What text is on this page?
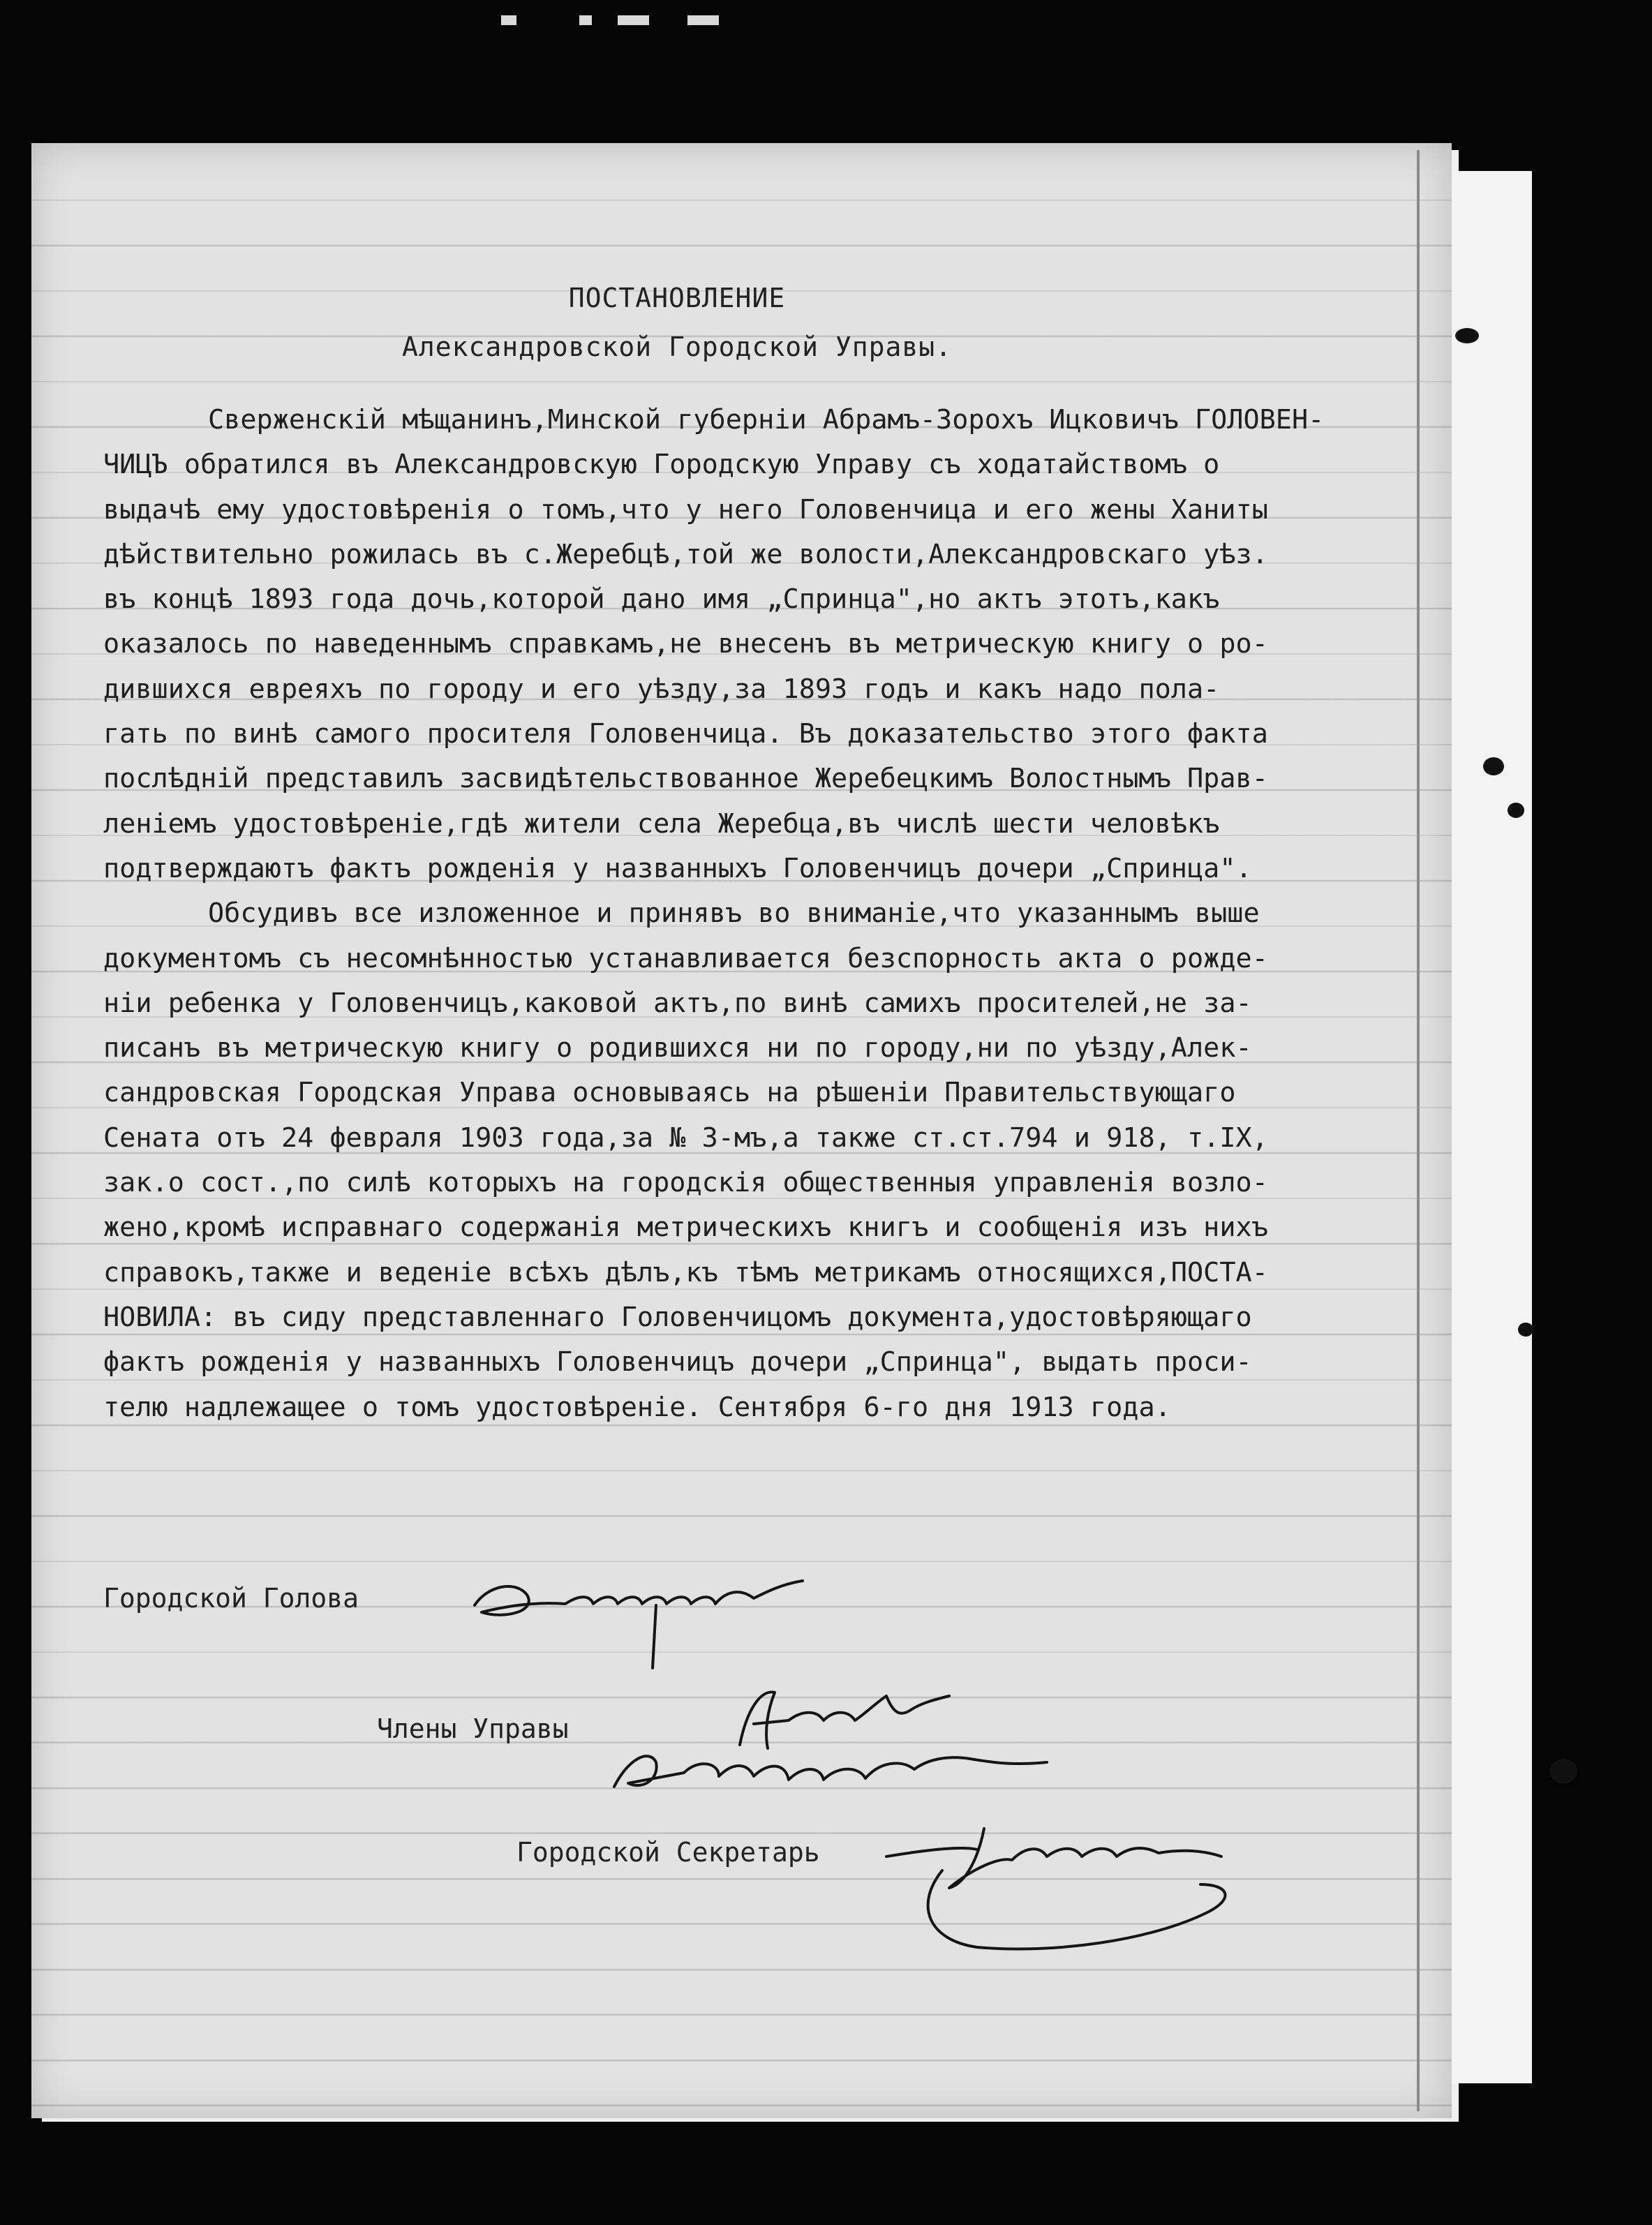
ПОСТАНОВЛЕНИЕ
Александровской Городской Управы.

Сверженскій мѣщанинъ,Минской губерніи Абрамъ-Зорохъ Ицковичъ ГОЛОВЕН-
ЧИЦЪ обратился въ Александровскую Городскую Управу съ ходатайствомъ о
выдачѣ ему удостовѣренія о томъ,что у него Головенчица и его жены Ханиты
дѣйствительно рожилась въ с.Жеребцѣ,той же волости,Александровскаго уѣз.
въ концѣ 1893 года дочь,которой дано имя „Спринца",но актъ этотъ,какъ
оказалось по наведеннымъ справкамъ,не внесенъ въ метрическую книгу о ро-
дившихся евреяхъ по городу и его уѣзду,за 1893 годъ и какъ надо пола-
гать по винѣ самого просителя Головенчица. Въ доказательство этого факта
послѣдній представилъ засвидѣтельствованное Жеребецкимъ Волостнымъ Прав-
леніемъ удостовѣреніе,гдѣ жители села Жеребца,въ числѣ шести человѣкъ
подтверждаютъ фактъ рожденія у названныхъ Головенчицъ дочери „Спринца".

Обсудивъ все изложенное и принявъ во вниманіе,что указаннымъ выше
документомъ съ несомнѣнностью устанавливается безспорность акта о рожде-
ніи ребенка у Головенчицъ,каковой актъ,по винѣ самихъ просителей,не за-
писанъ въ метрическую книгу о родившихся ни по городу,ни по уѣзду,Алек-
сандровская Городская Управа основываясь на рѣшеніи Правительствующаго
Сената отъ 24 февраля 1903 года,за № 3-мъ,а также ст.ст.794 и 918, т.IX,
зак.о сост.,по силѣ которыхъ на городскія общественныя управленія возло-
жено,кромѣ исправнаго содержанія метрическихъ книгъ и сообщенія изъ нихъ
справокъ,также и веденіе всѣхъ дѣлъ,къ тѣмъ метрикамъ относящихся,ПОСТА-
НОВИЛА: въ сиду представленнаго Головенчицомъ документа,удостовѣряющаго
фактъ рожденія у названныхъ Головенчицъ дочери „Спринца", выдать проси-
телю надлежащее о томъ удостовѣреніе. Сентября 6-го дня 1913 года.

Городской Голова
Члены Управы
Городской Секретарь
